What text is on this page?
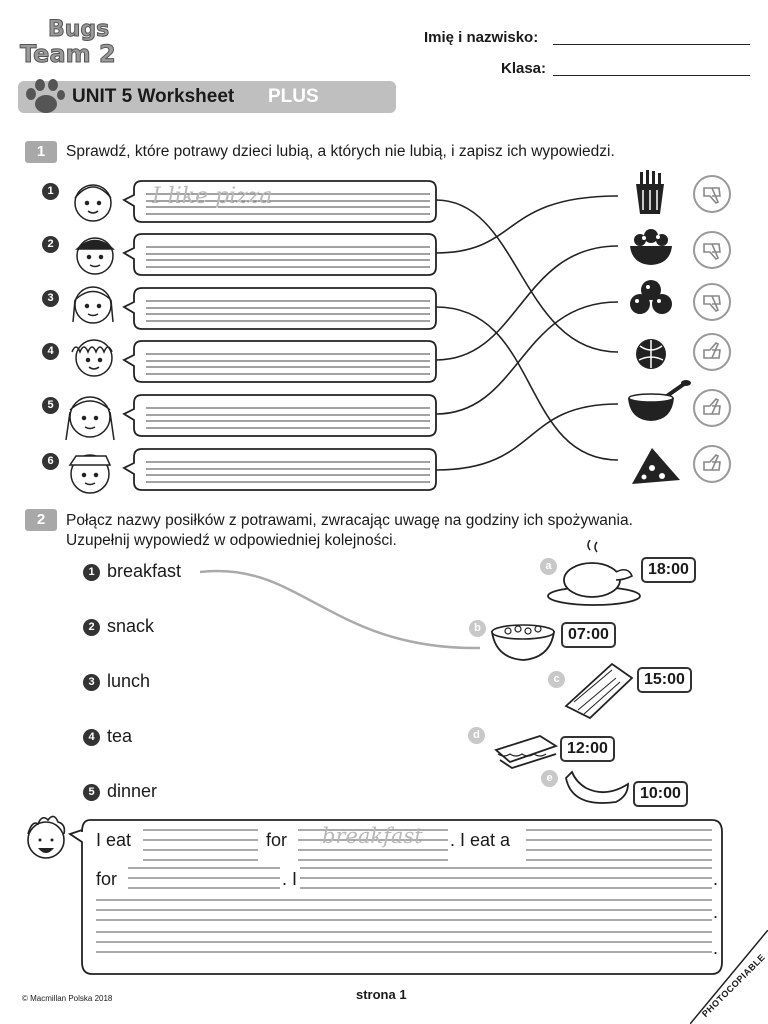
Bugs
Team 2
Imię i nazwisko:
Klasa:
UNIT 5 Worksheet PLUS
1	Sprawdź, które potrawy dzieci lubią, a których nie lubią, i zapisz ich wypowiedzi.
1
2
3
4
5
6
I like pizza
2	Połącz nazwy posiłków z potrawami, zwracając uwagę na godziny ich spożywania.
Uzupełnij wypowiedź w odpowiedniej kolejności.
1 breakfast
2 snack
3 lunch
4 tea
5 dinner
a	18:00
b	07:00
c	15:00
d
12:00
e
10:00
I eat	for breakfast . I eat a
for	. I	.
.
.
© Macmillan Polska 2018	strona 1	PHOTOCOPIABLE
